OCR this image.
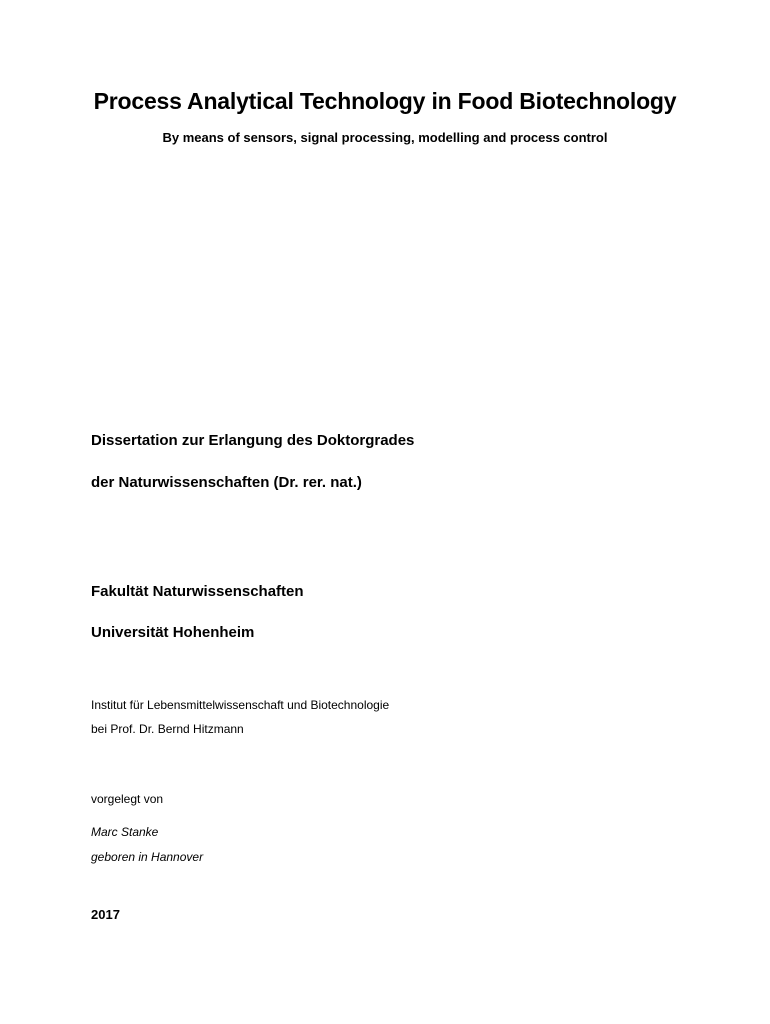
Process Analytical Technology in Food Biotechnology
By means of sensors, signal processing, modelling and process control
Dissertation zur Erlangung des Doktorgrades
der Naturwissenschaften (Dr. rer. nat.)
Fakultät Naturwissenschaften
Universität Hohenheim
Institut für Lebensmittelwissenschaft und Biotechnologie
bei Prof. Dr. Bernd Hitzmann
vorgelegt von
Marc Stanke
geboren in Hannover
2017
